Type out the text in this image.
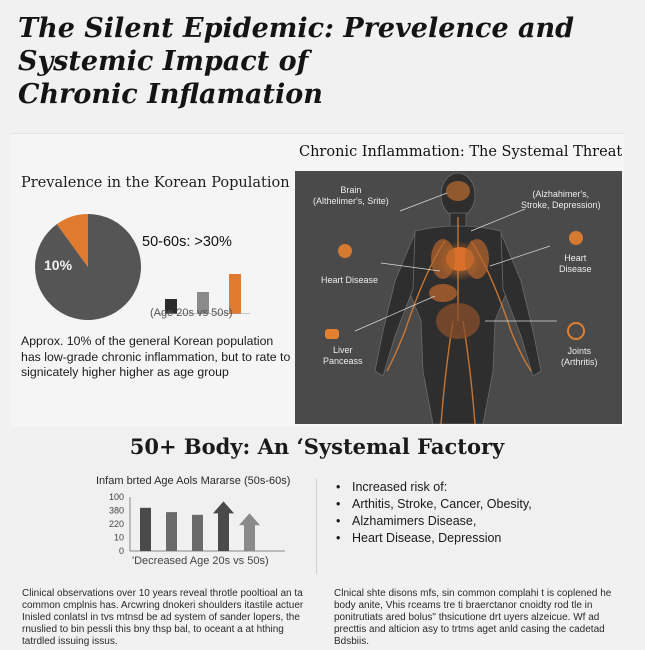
The Silent Epidemic: Prevelence and
Systemic Impact of
Chronic Inflamation
Prevalence in the Korean Population
10%
50-60s: >30%
(Age 20s vs 50s)
Approx. 10% of the general Korean population has low-grade chronic inflammation, but to rate to signicately higher higher as age group
Chronic Inflammation: The Systemal Threat
Brain
(Althelimer's, Srite)
(Alzhahimer's,
Stroke, Depression)
Heart
Disease
Heart Disease
Liver
Panceass
Joints
(Arthritis)
50+ Body: An ‘Systemal Factory
Infam brted Age Aols Mararse (50s-60s)
100
380
220
10
0
'Decreased Age 20s vs 50s)
• Increased risk of:
• Arthitis, Stroke, Cancer, Obesity,
• Alzhamimers Disease,
• Heart Disease, Depression
Clinical observations over 10 years reveal throtle pooltioal an ta common cmplnis has. Arcwring dnokeri shoulders itastile actuer Inisled conlatsl in tvs mtnsd be ad system of sander lopers, the rnuslied to bin pessli this bny thsp bal, to oceant a at hthing tatrdled issuing issus.
Clnical shte disons mfs, sin common complahi t is coplened he body anite, Vhis rceams tre ti braerctanor cnoidty rod tle in ponitrutiats ared bolus" thsicutione drt uyers alzeicue. Wf ad precttis and alticion asy to trtms aget anld casing the cadetad Bdsbiis.
